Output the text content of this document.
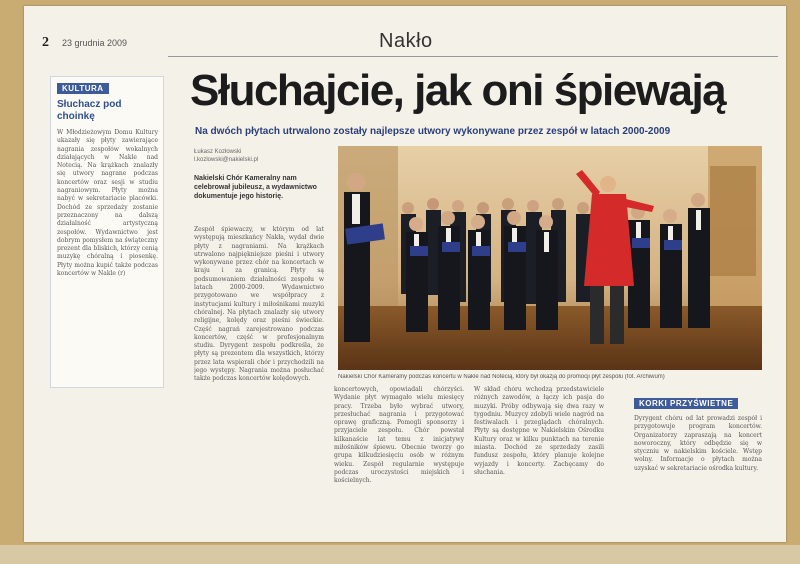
2 23 grudnia 2009	Nakło
KULTURA
Słuchacz pod choinkę
W Młodzieżowym Domu Kultury ukazały się płyty zawierające nagrania zespołów wokalnych działających w Nakle nad Notecią. Na krążkach znalazły się utwory nagrane podczas koncertów oraz sesji w studiu nagraniowym. Płyty można nabyć w sekretariacie placówki. Dochód ze sprzedaży zostanie przeznaczony na dalszą działalność artystyczną zespołów. Wydawnictwo jest dobrym pomysłem na świąteczny prezent dla bliskich, którzy cenią muzykę chóralną i piosenkę. Płyty można kupić także podczas koncertów w Nakle (r)
Słuchajcie, jak oni śpiewają
Na dwóch płytach utrwalono zostały najlepsze utwory wykonywane przez zespół w latach 2000-2009
Łukasz Kozłowski
l.kozlowski@nakielski.pl
Nakielski Chór Kameralny nam celebrował jubileusz, a wydawnictwo dokumentuje jego historię.
Zespół śpiewaczy, w którym od lat występują mieszkańcy Nakła, wydał dwie płyty z nagraniami. Na krążkach utrwalono najpiękniejsze pieśni i utwory wykonywane przez chór na koncertach w kraju i za granicą. Płyty są podsumowaniem działalności zespołu w latach 2000-2009. Wydawnictwo przygotowano we współpracy z instytucjami kultury i miłośnikami muzyki chóralnej. Na płytach znalazły się utwory religijne, kolędy oraz pieśni świeckie. Część nagrań zarejestrowano podczas koncertów, część w profesjonalnym studiu. Dyrygent zespołu podkreśla, że płyty są prezentem dla wszystkich, którzy przez lata wspierali chór i przychodzili na jego występy. Nagrania można posłuchać także podczas koncertów kolędowych.
koncertowych, opowiadali chórzyści. Wydanie płyt wymagało wielu miesięcy pracy. Trzeba było wybrać utwory, przesłuchać nagrania i przygotować oprawę graficzną. Pomogli sponsorzy i przyjaciele zespołu. Chór powstał kilkanaście lat temu z inicjatywy miłośników śpiewu. Obecnie tworzy go grupa kilkudziesięciu osób w różnym wieku. Zespół regularnie występuje podczas uroczystości miejskich i kościelnych.
W skład chóru wchodzą przedstawiciele różnych zawodów, a łączy ich pasja do muzyki. Próby odbywają się dwa razy w tygodniu. Muzycy zdobyli wiele nagród na festiwalach i przeglądach chóralnych. Płyty są dostępne w Nakielskim Ośrodku Kultury oraz w kilku punktach na terenie miasta. Dochód ze sprzedaży zasili fundusz zespołu, który planuje kolejne wyjazdy i koncerty. Zachęcamy do słuchania.
KORKI PRZYŚWIETNE
Dyrygent chóru od lat prowadzi zespół i przygotowuje program koncertów. Organizatorzy zapraszają na koncert noworoczny, który odbędzie się w styczniu w nakielskim kościele. Wstęp wolny. Informacje o płytach można uzyskać w sekretariacie ośrodka kultury.
Nakielski Chór Kameralny podczas koncertu w Nakle nad Notecią, który był okazją do promocji płyt zespołu (fot. Archiwum)
